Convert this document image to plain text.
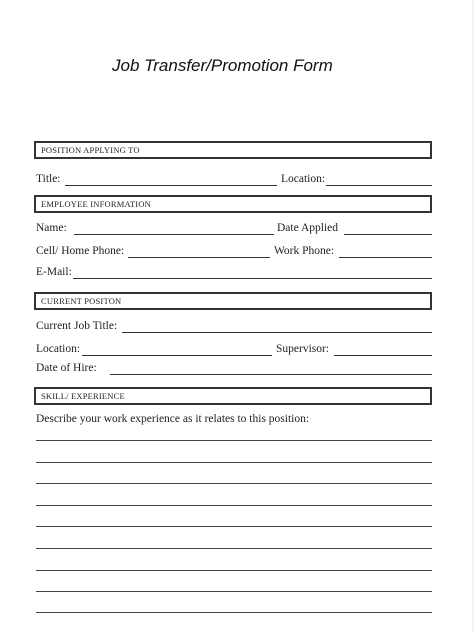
Job Transfer/Promotion Form
POSITION APPLYING TO
Title:	Location:
EMPLOYEE INFORMATION
Name:	Date Applied
Cell/ Home Phone:	Work Phone:
E-Mail:
CURRENT POSITON
Current Job Title:
Location:	Supervisor:
Date of Hire:
SKILL/ EXPERIENCE
Describe your work experience as it relates to this position:
